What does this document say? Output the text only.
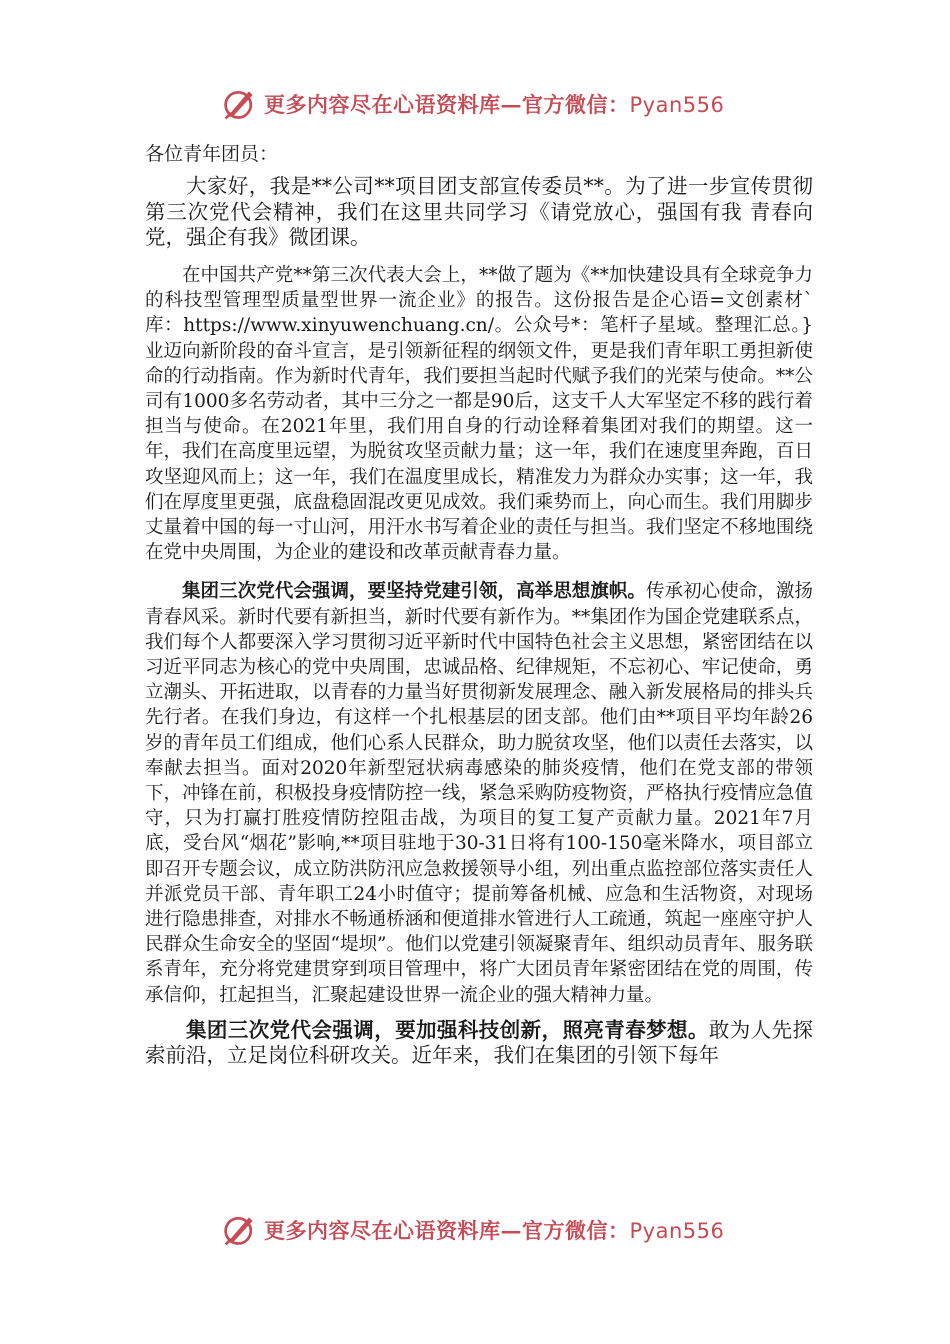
更多内容尽在心语资料库—官方微信：Pyan556

各位青年团员：

大家好，我是**公司**项目团支部宣传委员**。为了进一步宣传贯彻第三次党代会精神，我们在这里共同学习《请党放心，强国有我 青春向党，强企有我》微团课。

在中国共产党**第三次代表大会上，**做了题为《**加快建设具有全球竞争力的科技型管理型质量型世界一流企业》的报告。这份报告是企心语=文创素材`库：https://www.xinyuwenchuang.cn/。公众号*：笔杆子星域。整理汇总。}业迈向新阶段的奋斗宣言，是引领新征程的纲领文件，更是我们青年职工勇担新使命的行动指南。作为新时代青年，我们要担当起时代赋予我们的光荣与使命。**公司有1000多名劳动者，其中三分之一都是90后，这支千人大军坚定不移的践行着担当与使命。在2021年里，我们用自身的行动诠释着集团对我们的期望。这一年，我们在高度里远望，为脱贫攻坚贡献力量；这一年，我们在速度里奔跑，百日攻坚迎风而上；这一年，我们在温度里成长，精准发力为群众办实事；这一年，我们在厚度里更强，底盘稳固混改更见成效。我们乘势而上，向心而生。我们用脚步丈量着中国的每一寸山河，用汗水书写着企业的责任与担当。我们坚定不移地围绕在党中央周围，为企业的建设和改革贡献青春力量。

集团三次党代会强调，要坚持党建引领，高举思想旗帜。传承初心使命，激扬青春风采。新时代要有新担当，新时代要有新作为。**集团作为国企党建联系点，我们每个人都要深入学习贯彻习近平新时代中国特色社会主义思想，紧密团结在以习近平同志为核心的党中央周围，忠诚品格、纪律规矩，不忘初心、牢记使命，勇立潮头、开拓进取，以青春的力量当好贯彻新发展理念、融入新发展格局的排头兵先行者。在我们身边，有这样一个扎根基层的团支部。他们由**项目平均年龄26岁的青年员工们组成，他们心系人民群众，助力脱贫攻坚，他们以责任去落实，以奉献去担当。面对2020年新型冠状病毒感染的肺炎疫情，他们在党支部的带领下，冲锋在前，积极投身疫情防控一线，紧急采购防疫物资，严格执行疫情应急值守，只为打赢打胜疫情防控阻击战，为项目的复工复产贡献力量。2021年7月底，受台风“烟花”影响,**项目驻地于30-31日将有100-150毫米降水，项目部立即召开专题会议，成立防洪防汛应急救援领导小组，列出重点监控部位落实责任人并派党员干部、青年职工24小时值守；提前筹备机械、应急和生活物资，对现场进行隐患排查，对排水不畅通桥涵和便道排水管进行人工疏通，筑起一座座守护人民群众生命安全的坚固“堤坝”。他们以党建引领凝聚青年、组织动员青年、服务联系青年，充分将党建贯穿到项目管理中，将广大团员青年紧密团结在党的周围，传承信仰，扛起担当，汇聚起建设世界一流企业的强大精神力量。

集团三次党代会强调，要加强科技创新，照亮青春梦想。敢为人先探索前沿，立足岗位科研攻关。近年来，我们在集团的引领下每年

更多内容尽在心语资料库—官方微信：Pyan556
